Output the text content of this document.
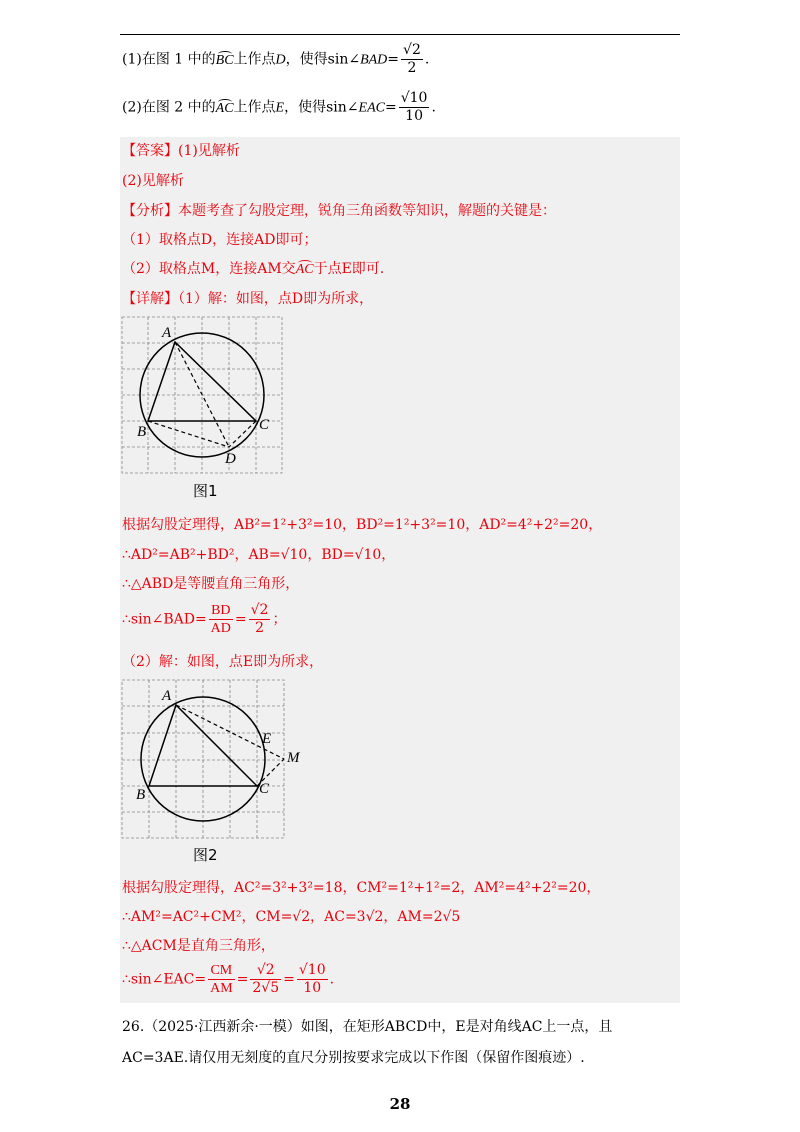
(1)在图 1 中的BC上作点D，使得sin∠BAD= $\frac{√2}{2}$ .
(2)在图 2 中的AC上作点E，使得sin∠EAC= $\frac{√10}{10}$ .
【答案】(1)见解析
(2)见解析
【分析】本题考查了勾股定理，锐角三角函数等知识，解题的关键是：
（1）取格点D，连接AD即可；
（2）取格点M，连接AM交AC于点E即可.
【详解】（1）解：如图，点D即为所求，
A
B	C
D
图1
根据勾股定理得，AB²=1²+3²=10，BD²=1²+3²=10，AD²=4²+2²=20，
∴AD²=AB²+BD²，AB=√10，BD=√10，
∴△ABD是等腰直角三角形，
∴sin∠BAD= $\frac{BD}{AD} = \frac{√2}{2}$ ；
（2）解：如图，点E即为所求，
A
B	C
E
M
图2
根据勾股定理得，AC²=3²+3²=18，CM²=1²+1²=2，AM²=4²+2²=20，
∴AM²=AC²+CM²，CM=√2，AC=3√2，AM=2√5
∴△ACM是直角三角形，
∴sin∠EAC= $\frac{CM}{AM} = \frac{√2}{2√5} = \frac{√10}{10}$ .
26.（2025·江西新余·一模）如图，在矩形ABCD中，E是对角线AC上一点，且
AC=3AE.请仅用无刻度的直尺分别按要求完成以下作图（保留作图痕迹）.
28
